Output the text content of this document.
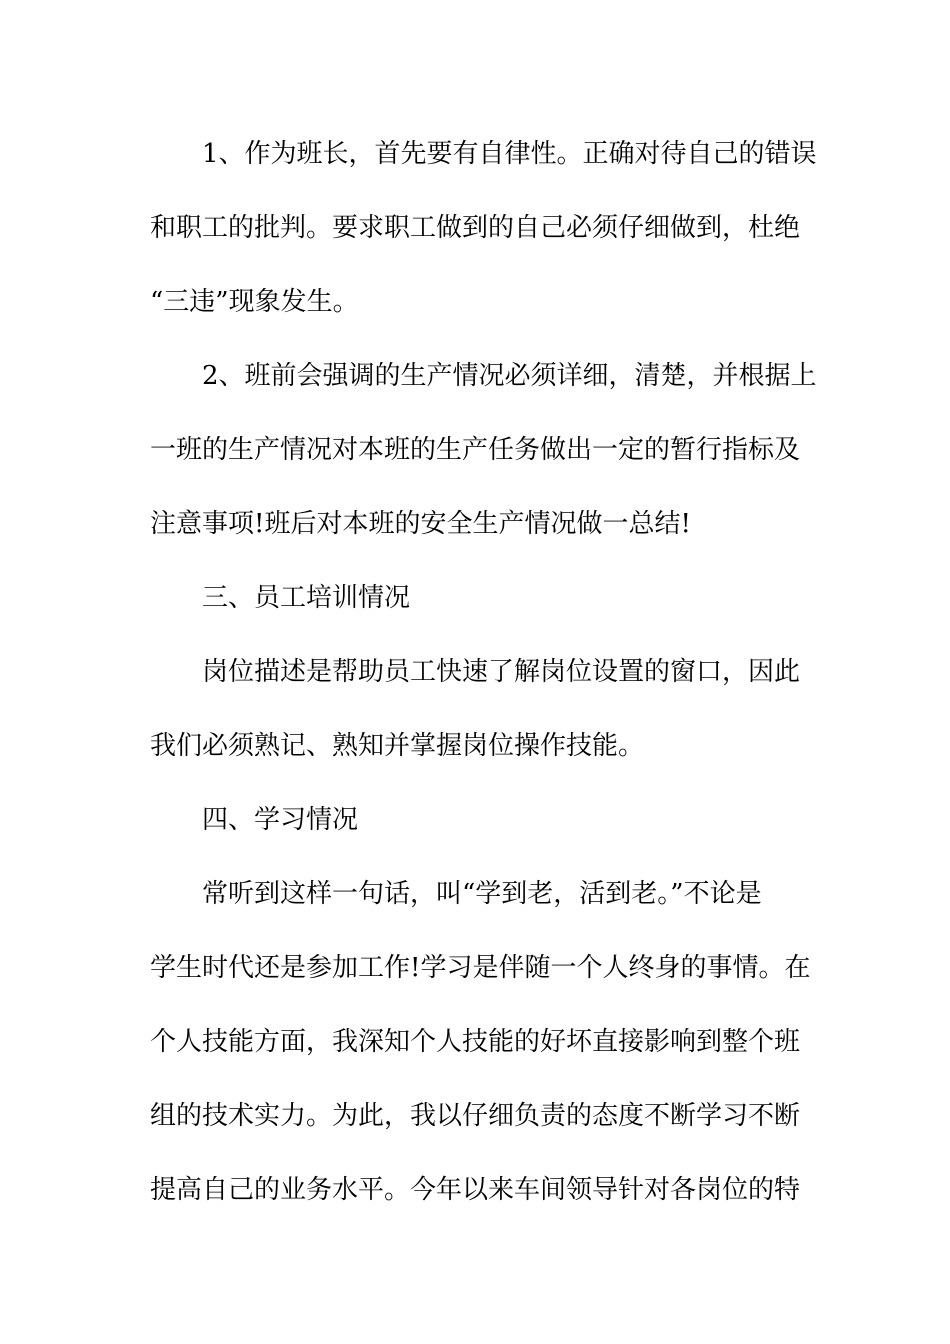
1、作为班长，首先要有自律性。正确对待自己的错误
和职工的批判。要求职工做到的自己必须仔细做到，杜绝
“三违”现象发生。
2、班前会强调的生产情况必须详细，清楚，并根据上
一班的生产情况对本班的生产任务做出一定的暂行指标及
注意事项!班后对本班的安全生产情况做一总结!
三、员工培训情况
岗位描述是帮助员工快速了解岗位设置的窗口，因此
我们必须熟记、熟知并掌握岗位操作技能。
四、学习情况
常听到这样一句话，叫“学到老，活到老。”不论是
学生时代还是参加工作!学习是伴随一个人终身的事情。在
个人技能方面，我深知个人技能的好坏直接影响到整个班
组的技术实力。为此，我以仔细负责的态度不断学习不断
提高自己的业务水平。今年以来车间领导针对各岗位的特
